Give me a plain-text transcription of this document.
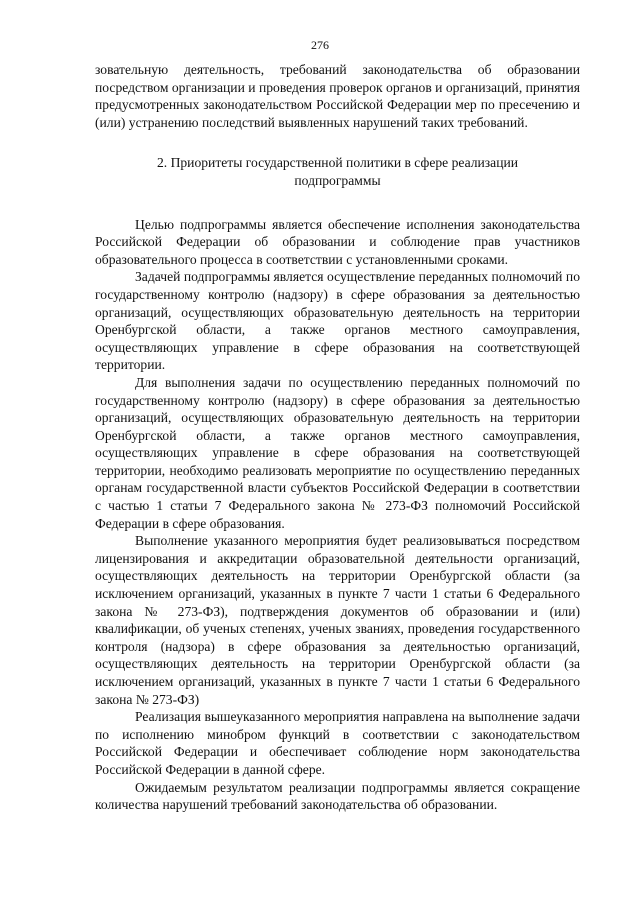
276

зовательную деятельность, требований законодательства об образовании посредством организации и проведения проверок органов и организаций, принятия предусмотренных законодательством Российской Федерации мер по пресечению и (или) устранению последствий выявленных нарушений таких требований.

2. Приоритеты государственной политики в сфере реализации подпрограммы

Целью подпрограммы является обеспечение исполнения законодательства Российской Федерации об образовании и соблюдение прав участников образовательного процесса в соответствии с установленными сроками.

Задачей подпрограммы является осуществление переданных полномочий по государственному контролю (надзору) в сфере образования за деятельностью организаций, осуществляющих образовательную деятельность на территории Оренбургской области, а также органов местного самоуправления, осуществляющих управление в сфере образования на соответствующей территории.

Для выполнения задачи по осуществлению переданных полномочий по государственному контролю (надзору) в сфере образования за деятельностью организаций, осуществляющих образовательную деятельность на территории Оренбургской области, а также органов местного самоуправления, осуществляющих управление в сфере образования на соответствующей территории, необходимо реализовать мероприятие по осуществлению переданных органам государственной власти субъектов Российской Федерации в соответствии с частью 1 статьи 7 Федерального закона № 273-ФЗ полномочий Российской Федерации в сфере образования.

Выполнение указанного мероприятия будет реализовываться посредством лицензирования и аккредитации образовательной деятельности организаций, осуществляющих деятельность на территории Оренбургской области (за исключением организаций, указанных в пункте 7 части 1 статьи 6 Федерального закона № 273-ФЗ), подтверждения документов об образовании и (или) квалификации, об ученых степенях, ученых званиях, проведения государственного контроля (надзора) в сфере образования за деятельностью организаций, осуществляющих деятельность на территории Оренбургской области (за исключением организаций, указанных в пункте 7 части 1 статьи 6 Федерального закона № 273-ФЗ)

Реализация вышеуказанного мероприятия направлена на выполнение задачи по исполнению минобром функций в соответствии с законодательством Российской Федерации и обеспечивает соблюдение норм законодательства Российской Федерации в данной сфере.

Ожидаемым результатом реализации подпрограммы является сокращение количества нарушений требований законодательства об образовании.
